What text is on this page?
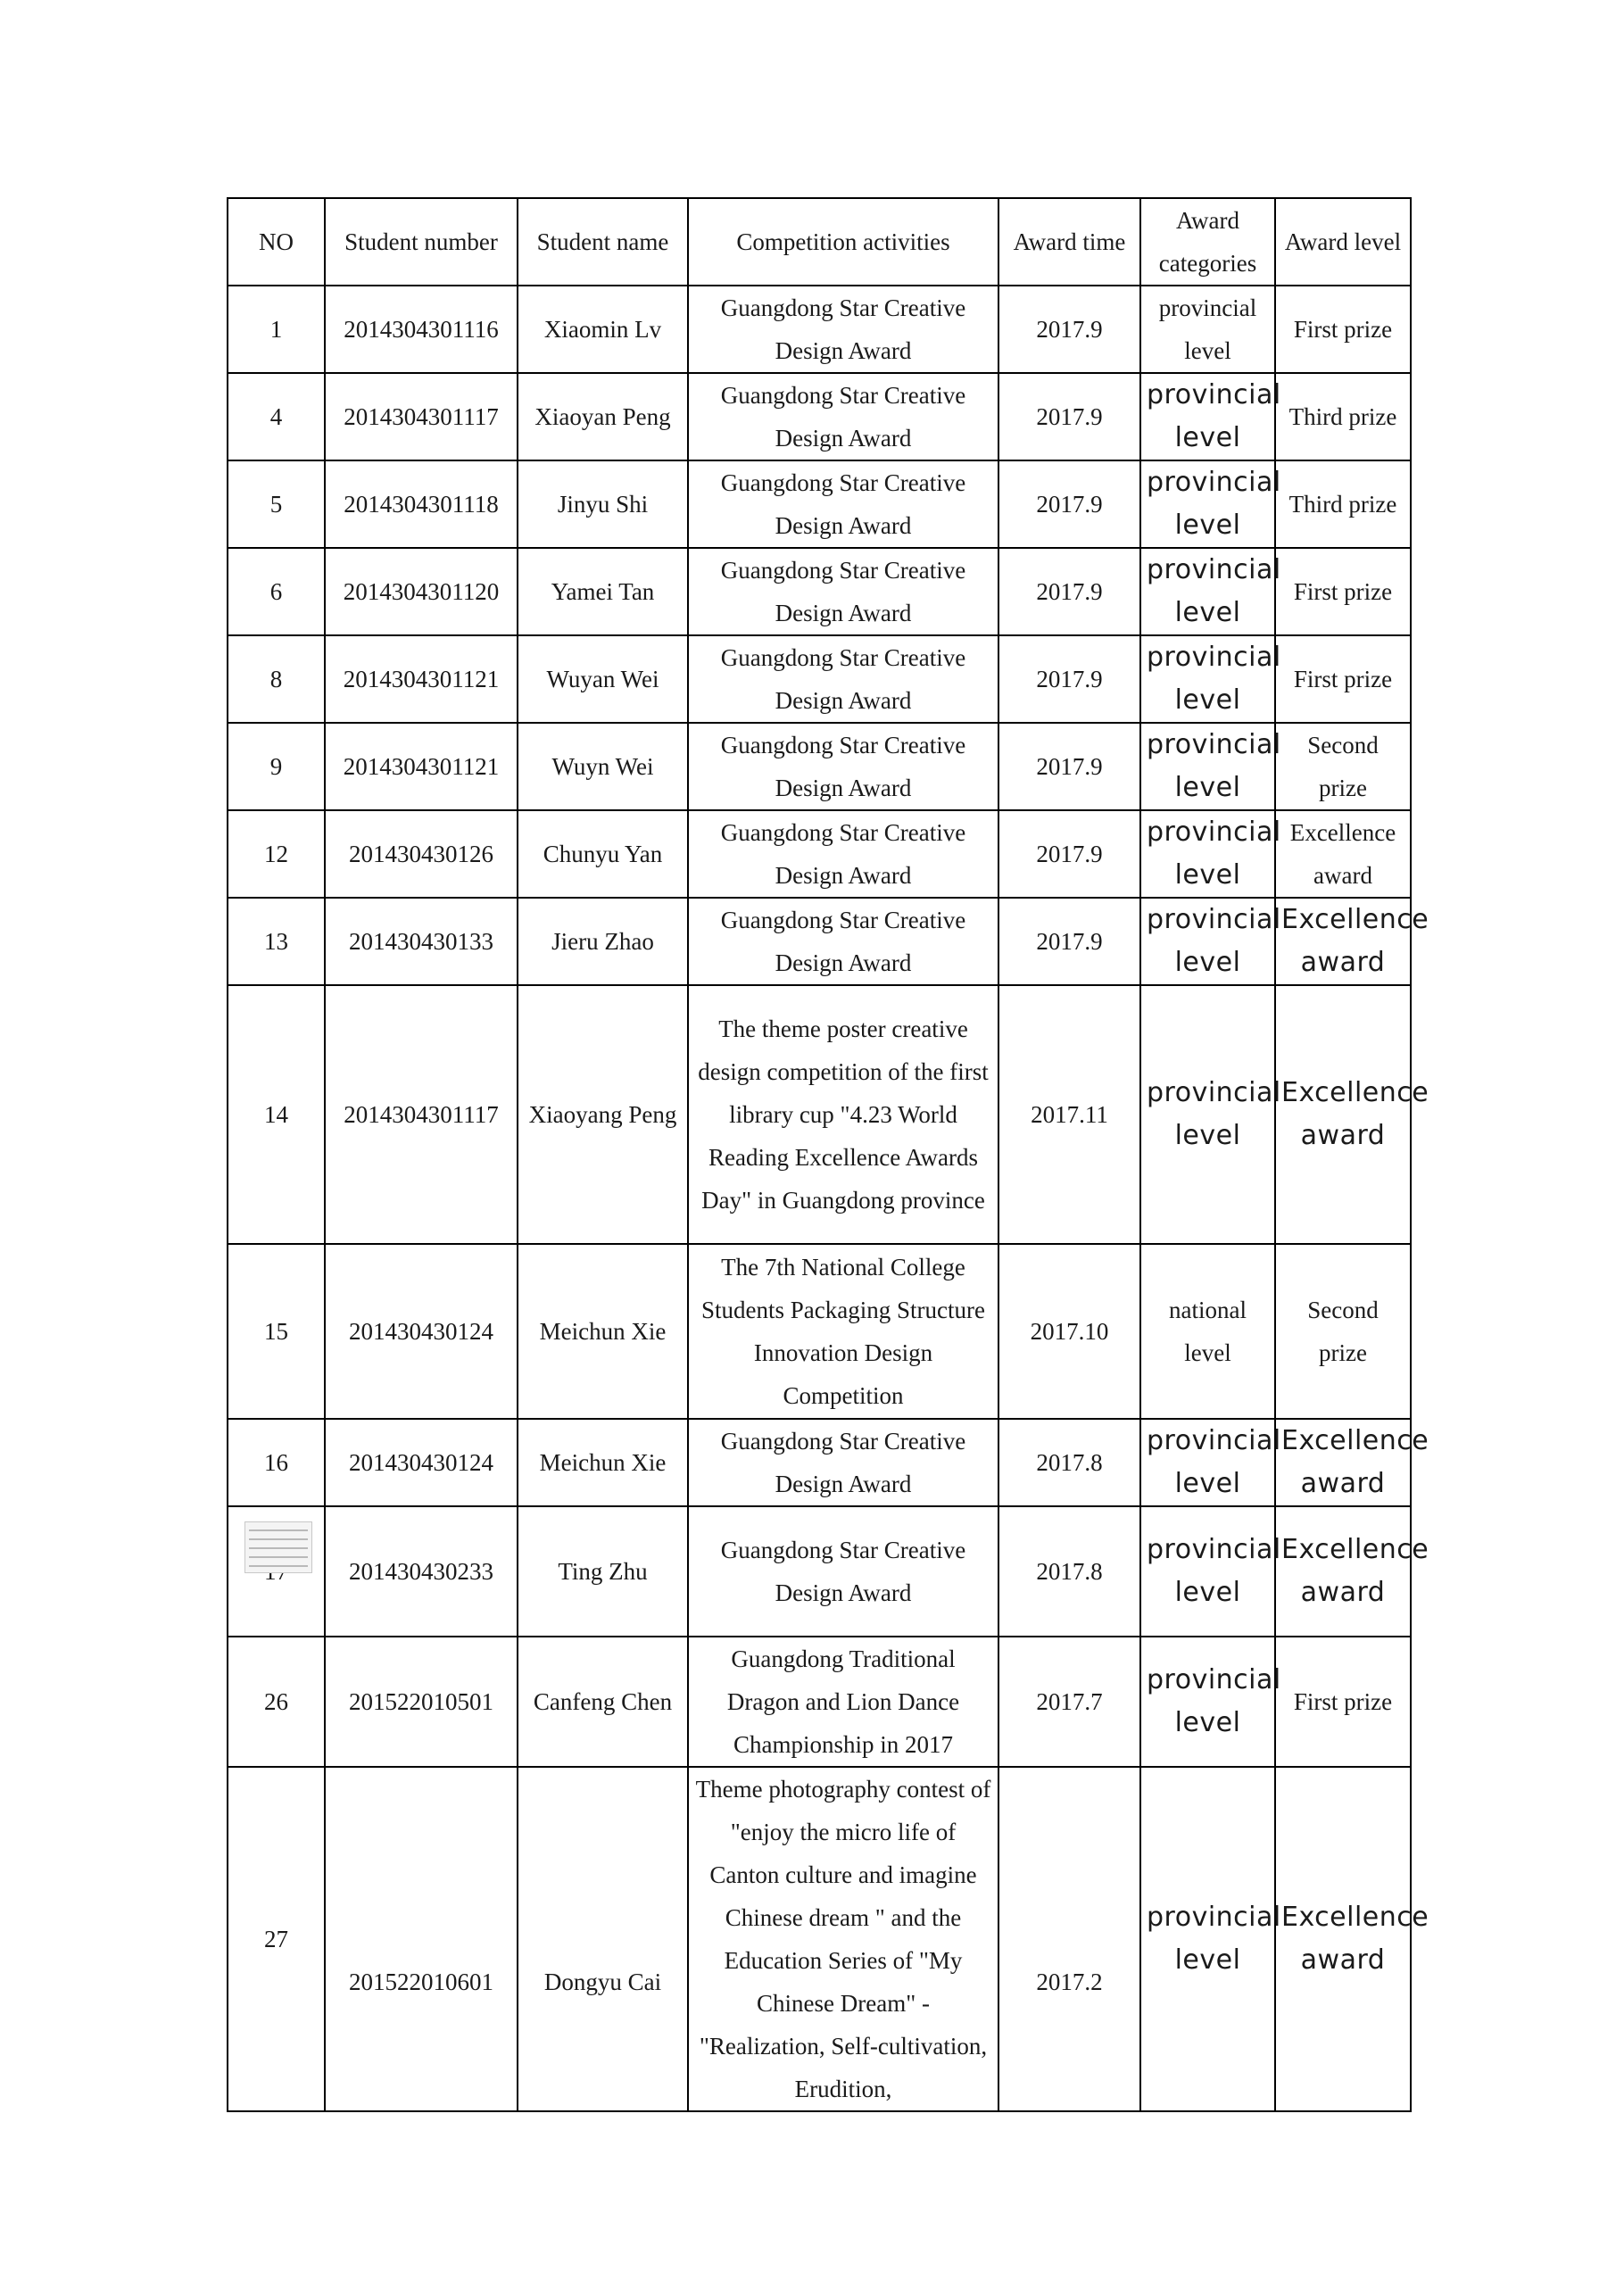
NO	Student number	Student name	Competition activities	Award time	Award categories	Award level
1	2014304301116	Xiaomin Lv	Guangdong Star Creative Design Award	2017.9	provincial level	First prize
4	2014304301117	Xiaoyan Peng	Guangdong Star Creative Design Award	2017.9	provincial level	Third prize
5	2014304301118	Jinyu Shi	Guangdong Star Creative Design Award	2017.9	provincial level	Third prize
6	2014304301120	Yamei Tan	Guangdong Star Creative Design Award	2017.9	provincial level	First prize
8	2014304301121	Wuyan Wei	Guangdong Star Creative Design Award	2017.9	provincial level	First prize
9	2014304301121	Wuyn Wei	Guangdong Star Creative Design Award	2017.9	provincial level	Second prize
12	201430430126	Chunyu Yan	Guangdong Star Creative Design Award	2017.9	provincial level	Excellence award
13	201430430133	Jieru Zhao	Guangdong Star Creative Design Award	2017.9	provincial level	Excellence award
14	2014304301117	Xiaoyang Peng	The theme poster creative design competition of the first library cup "4.23 World Reading Excellence Awards Day" in Guangdong province	2017.11	provincial level	Excellence award
15	201430430124	Meichun Xie	The 7th National College Students Packaging Structure Innovation Design Competition	2017.10	national level	Second prize
16	201430430124	Meichun Xie	Guangdong Star Creative Design Award	2017.8	provincial level	Excellence award

	201430430233	Ting Zhu	Guangdong Star Creative Design Award	2017.8	provincial level	Excellence award
26	201522010501	Canfeng Chen	Guangdong Traditional Dragon and Lion Dance Championship in 2017	2017.7	provincial level	First prize
27	201522010601	Dongyu Cai	Theme photography contest of "enjoy the micro life of Canton culture and imagine Chinese dream " and the Education Series of "My Chinese Dream" - "Realization, Self-cultivation, Erudition,	2017.2	provincial level	Excellence award
